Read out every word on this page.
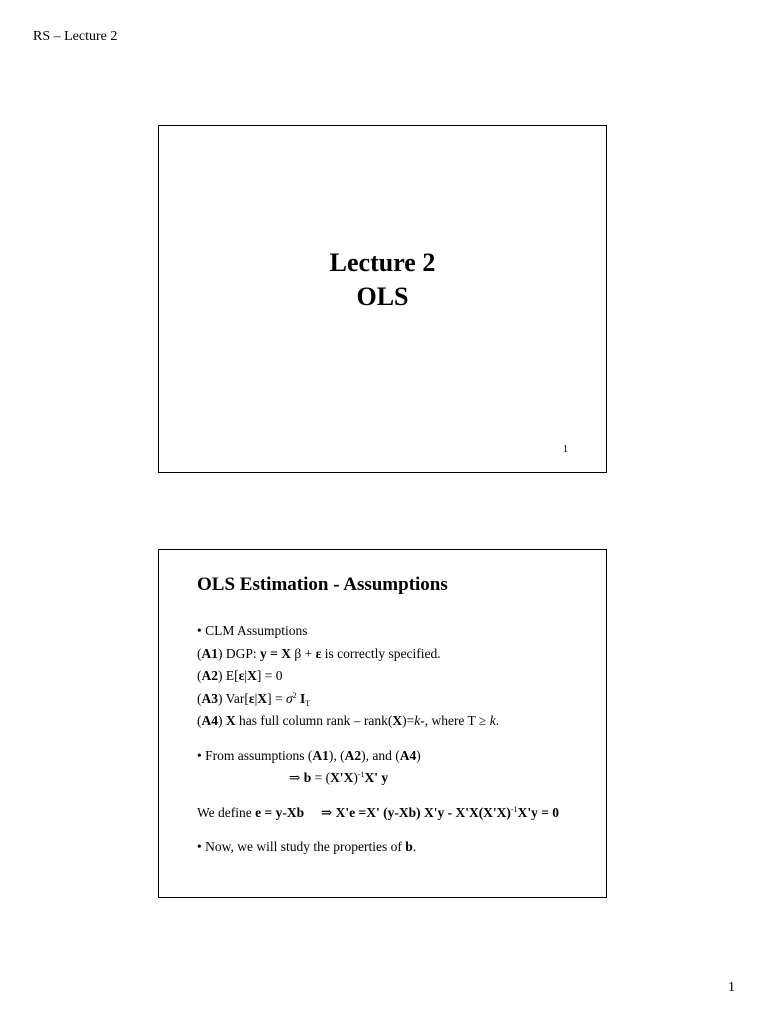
RS – Lecture 2
Lecture 2
OLS
1
OLS Estimation - Assumptions
• CLM Assumptions
(A1) DGP: y = X β + ε is correctly specified.
(A2) E[ε|X] = 0
(A3) $Var[\varepsilon|X] = \sigma^2$ $I_T$
(A4) X has full column rank – rank(X)=k-, where T ≥ k.
• From assumptions (A1), (A2), and (A4)
⇒ $b = (X'X)^{-1}X'$ y
We define e = y-Xb ⇒ X'e =X' (y-Xb) $X'y - X'X(X'X)^{-1}X'y = 0$
• Now, we will study the properties of b.
1
